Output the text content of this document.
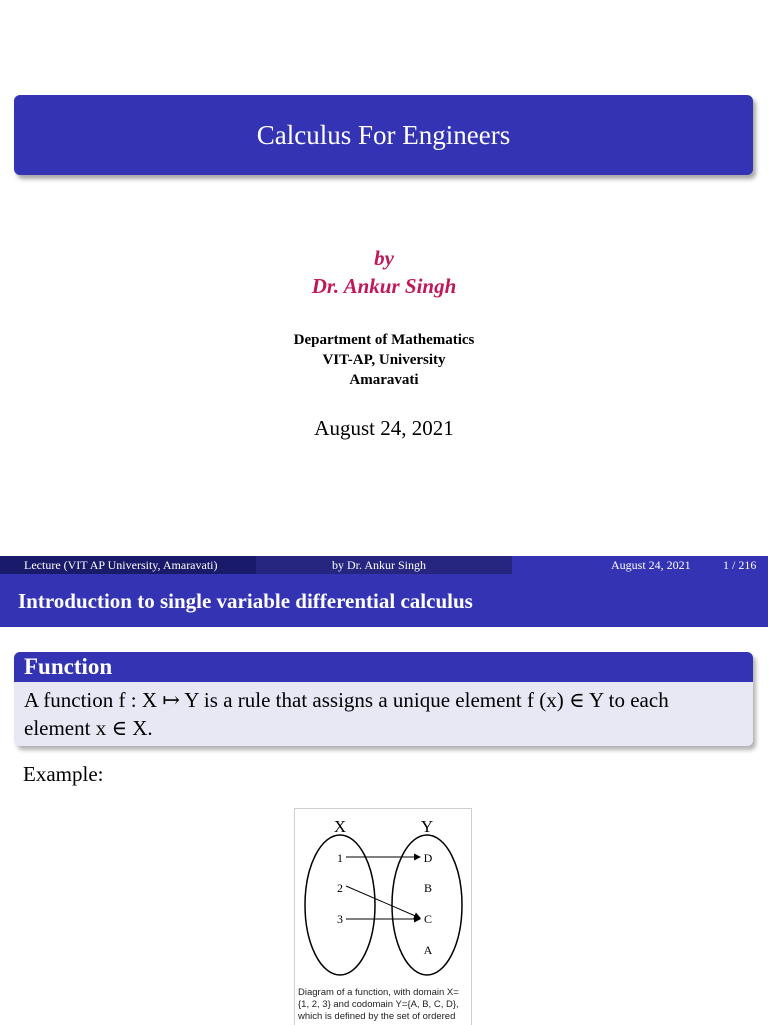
Calculus For Engineers
by
Dr. Ankur Singh
Department of Mathematics
VIT-AP, University
Amaravati
August 24, 2021
Lecture (VIT AP University, Amaravati)	by Dr. Ankur Singh	August 24, 2021	1 / 216
Introduction to single variable differential calculus
Function
A function f : X ↦ Y is a rule that assigns a unique element f (x) ∈ Y to each
element x ∈ X.
Example:
X	Y
1
2
3
D
B
C
A
Diagram of a function, with domain X=
{1, 2, 3} and codomain Y={A, B, C, D},
which is defined by the set of ordered
